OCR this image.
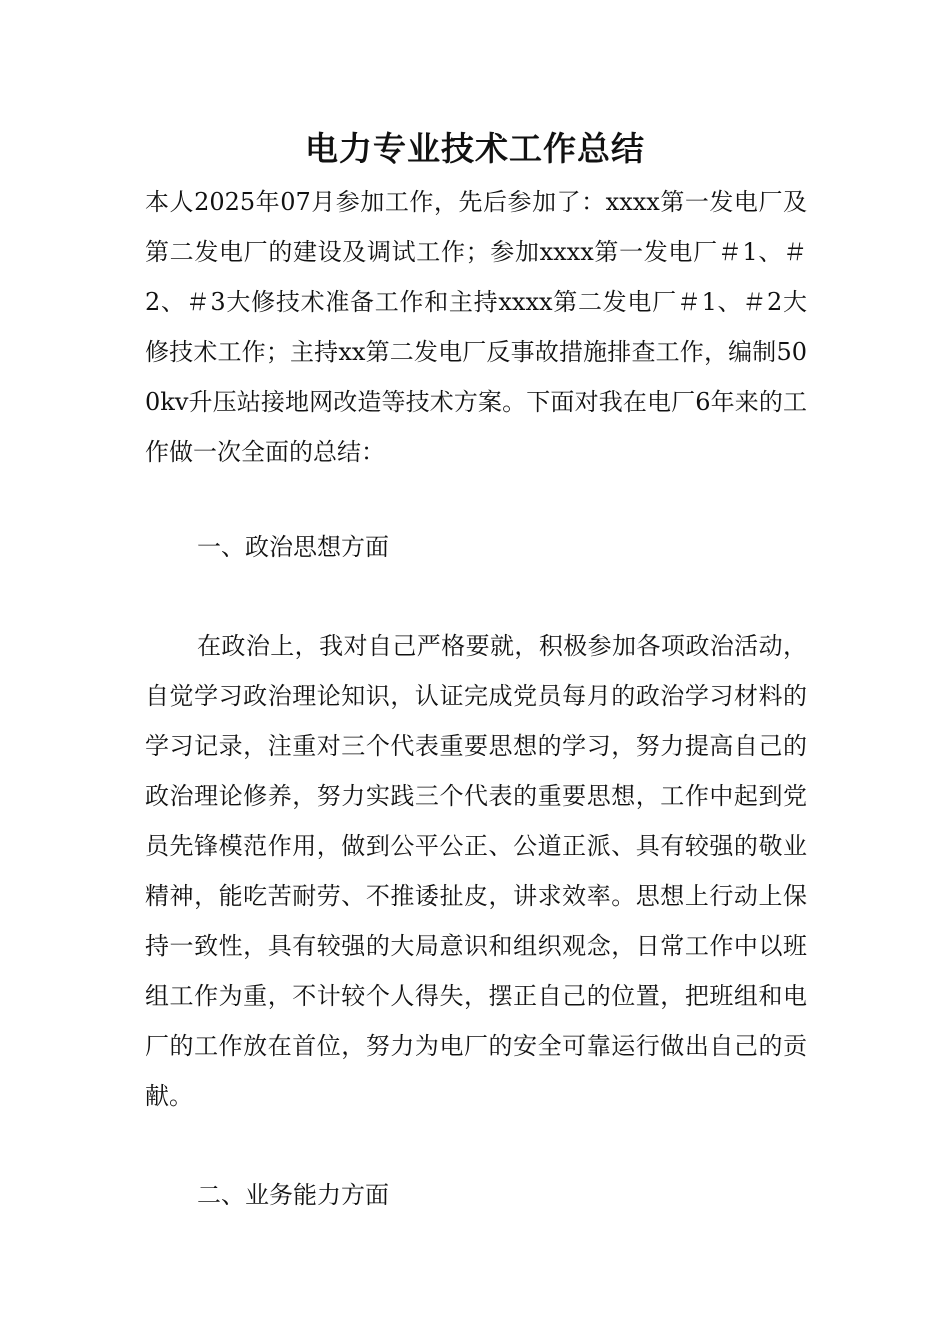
电力专业技术工作总结

本人2025年07月参加工作，先后参加了：xxxx第一发电厂及第二发电厂的建设及调试工作；参加xxxx第一发电厂＃1、＃2、＃3大修技术准备工作和主持xxxx第二发电厂＃1、＃2大修技术工作；主持xx第二发电厂反事故措施排查工作，编制500kv升压站接地网改造等技术方案。下面对我在电厂6年来的工作做一次全面的总结：

一、政治思想方面

在政治上，我对自己严格要就，积极参加各项政治活动，自觉学习政治理论知识，认证完成党员每月的政治学习材料的学习记录，注重对三个代表重要思想的学习，努力提高自己的政治理论修养，努力实践三个代表的重要思想，工作中起到党员先锋模范作用，做到公平公正、公道正派、具有较强的敬业精神，能吃苦耐劳、不推诿扯皮，讲求效率。思想上行动上保持一致性，具有较强的大局意识和组织观念，日常工作中以班组工作为重，不计较个人得失，摆正自己的位置，把班组和电厂的工作放在首位，努力为电厂的安全可靠运行做出自己的贡献。

二、业务能力方面
